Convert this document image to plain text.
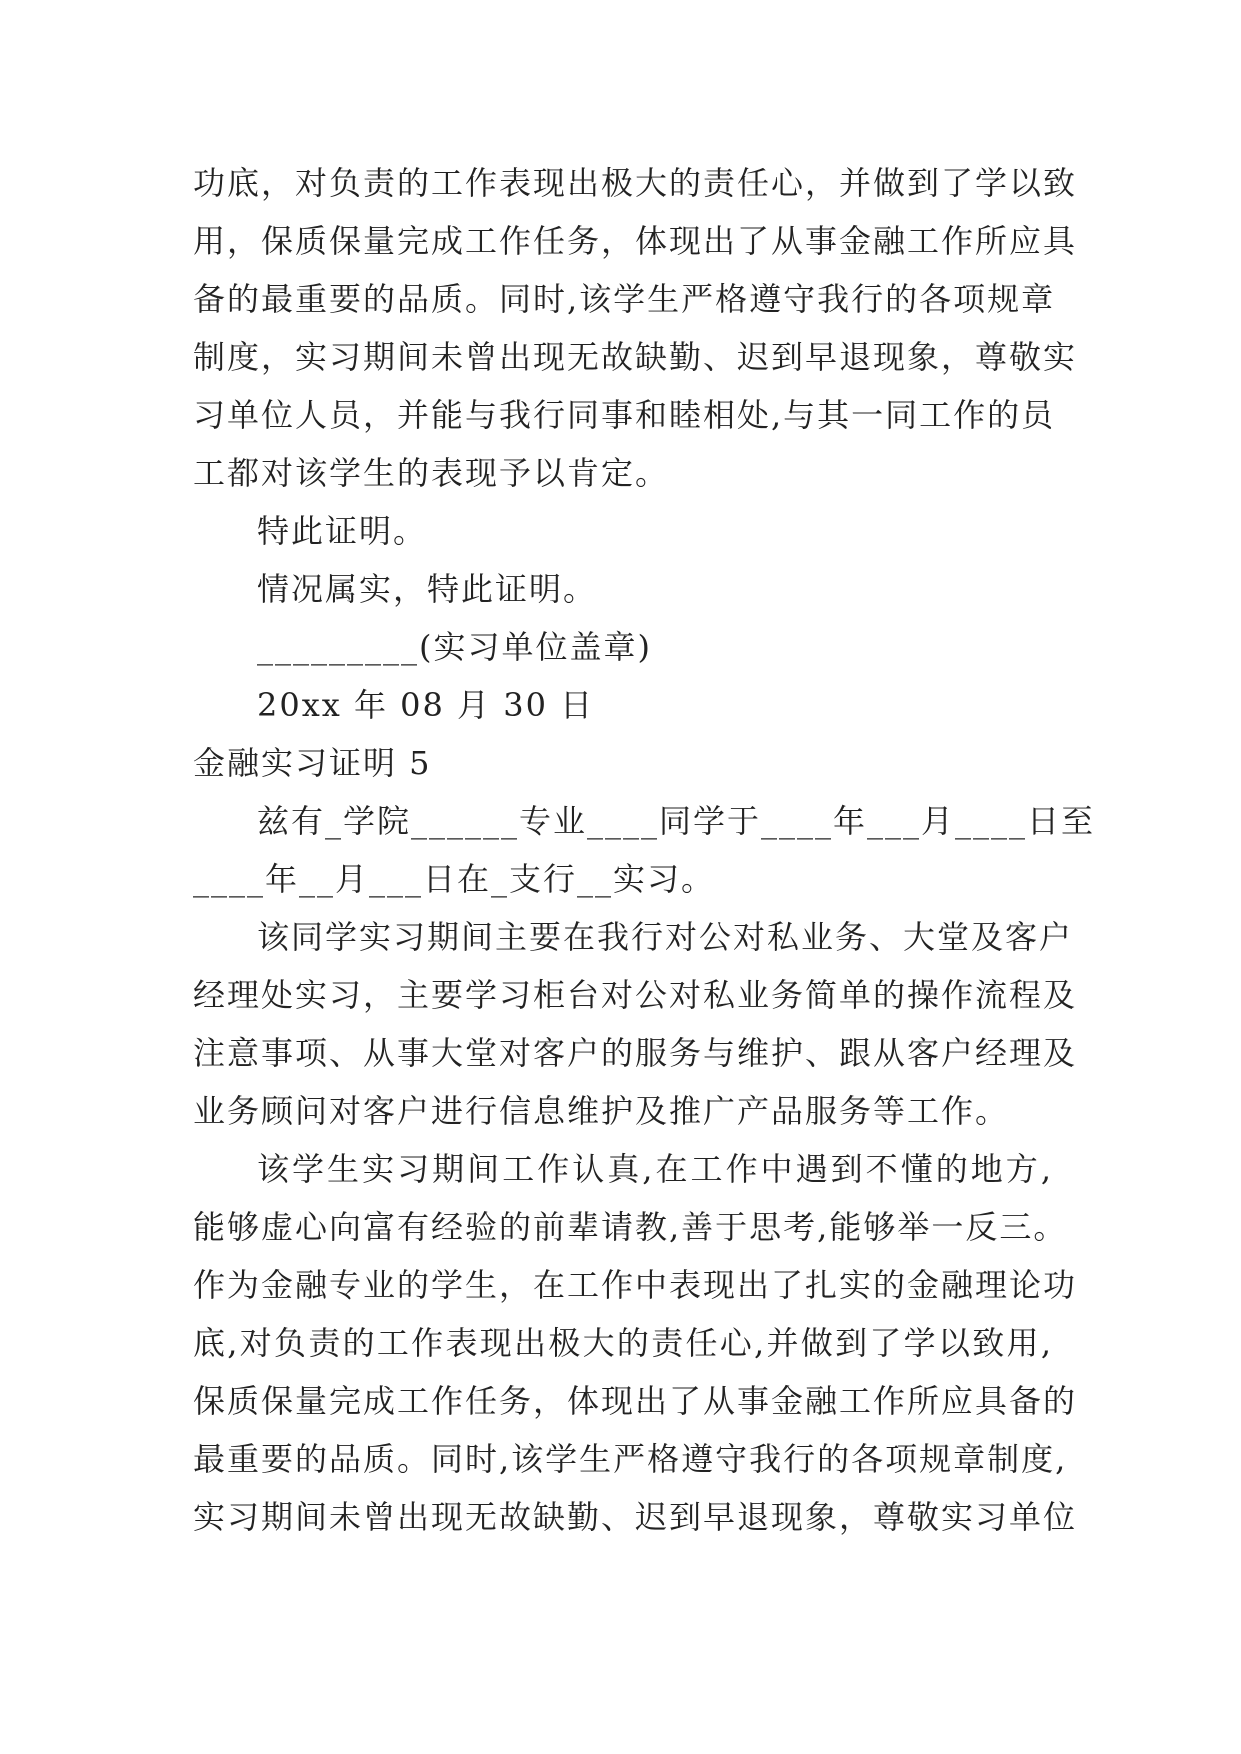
功底，对负责的工作表现出极大的责任心，并做到了学以致
用，保质保量完成工作任务，体现出了从事金融工作所应具
备的最重要的品质。同时,该学生严格遵守我行的各项规章
制度，实习期间未曾出现无故缺勤、迟到早退现象，尊敬实
习单位人员，并能与我行同事和睦相处,与其一同工作的员
工都对该学生的表现予以肯定。
特此证明。
情况属实，特此证明。
_________(实习单位盖章)
20xx 年 08 月 30 日
金融实习证明 5
兹有_学院______专业____同学于____年___月____日至
____年__月___日在_支行__实习。
该同学实习期间主要在我行对公对私业务、大堂及客户
经理处实习，主要学习柜台对公对私业务简单的操作流程及
注意事项、从事大堂对客户的服务与维护、跟从客户经理及
业务顾问对客户进行信息维护及推广产品服务等工作。
该学生实习期间工作认真,在工作中遇到不懂的地方,
能够虚心向富有经验的前辈请教,善于思考,能够举一反三。
作为金融专业的学生，在工作中表现出了扎实的金融理论功
底,对负责的工作表现出极大的责任心,并做到了学以致用,
保质保量完成工作任务，体现出了从事金融工作所应具备的
最重要的品质。同时,该学生严格遵守我行的各项规章制度,
实习期间未曾出现无故缺勤、迟到早退现象，尊敬实习单位
